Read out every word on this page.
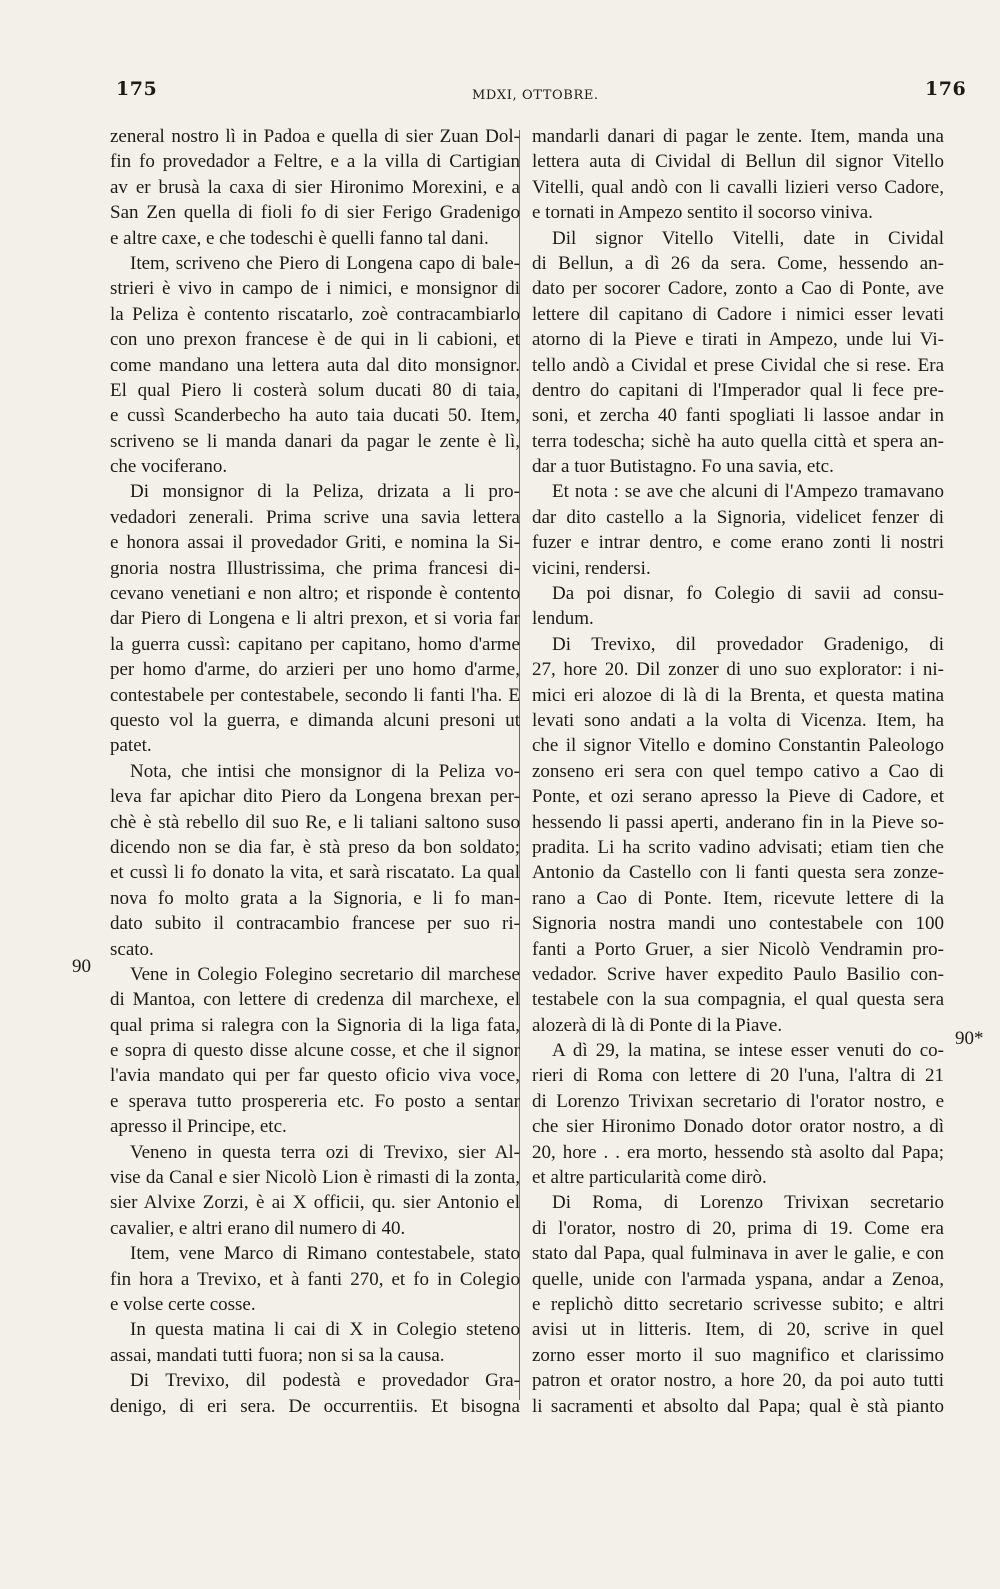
175	MDXI, OTTOBRE.	176
90
90*
zeneral nostro lì in Padoa e quella di sier Zuan Dol-
fin fo provedador a Feltre, e a la villa di Cartigian
av er brusà la caxa di sier Hironimo Morexini, e a
San Zen quella di fioli fo di sier Ferigo Gradenigo
e altre caxe, e che todeschi è quelli fanno tal dani.
Item, scriveno che Piero di Longena capo di bale-
strieri è vivo in campo de i nimici, e monsignor di
la Peliza è contento riscatarlo, zoè contracambiarlo
con uno prexon francese è de qui in li cabioni, et
come mandano una lettera auta dal dito monsignor.
El qual Piero li costerà solum ducati 80 di taia,
e cussì Scanderbecho ha auto taia ducati 50. Item,
scriveno se li manda danari da pagar le zente è lì,
che vociferano.
Di monsignor di la Peliza, drizata a li pro-
vedadori zenerali. Prima scrive una savia lettera
e honora assai il provedador Griti, e nomina la Si-
gnoria nostra Illustrissima, che prima francesi di-
cevano venetiani e non altro; et risponde è contento
dar Piero di Longena e li altri prexon, et si voria far
la guerra cussì: capitano per capitano, homo d'arme
per homo d'arme, do arzieri per uno homo d'arme,
contestabele per contestabele, secondo li fanti l'ha. E
questo vol la guerra, e dimanda alcuni presoni ut
patet.
Nota, che intisi che monsignor di la Peliza vo-
leva far apichar dito Piero da Longena brexan per-
chè è stà rebello dil suo Re, e li taliani saltono suso
dicendo non se dia far, è stà preso da bon soldato;
et cussì li fo donato la vita, et sarà riscatato. La qual
nova fo molto grata a la Signoria, e li fo man-
dato subito il contracambio francese per suo ri-
scato.
Vene in Colegio Folegino secretario dil marchese
di Mantoa, con lettere di credenza dil marchexe, el
qual prima si ralegra con la Signoria di la liga fata,
e sopra di questo disse alcune cosse, et che il signor
l'avia mandato qui per far questo oficio viva voce,
e sperava tutto prospereria etc. Fo posto a sentar
apresso il Principe, etc.
Veneno in questa terra ozi di Trevixo, sier Al-
vise da Canal e sier Nicolò Lion è rimasti di la zonta,
sier Alvixe Zorzi, è ai X officii, qu. sier Antonio el
cavalier, e altri erano dil numero di 40.
Item, vene Marco di Rimano contestabele, stato
fin hora a Trevixo, et à fanti 270, et fo in Colegio
e volse certe cosse.
In questa matina li cai di X in Colegio steteno
assai, mandati tutti fuora; non si sa la causa.
Di Trevixo, dil podestà e provedador Gra-
denigo, di eri sera. De occurrentiis. Et bisogna
mandarli danari di pagar le zente. Item, manda una
lettera auta di Cividal di Bellun dil signor Vitello
Vitelli, qual andò con li cavalli lizieri verso Cadore,
e tornati in Ampezo sentito il socorso viniva.
Dil signor Vitello Vitelli, date in Cividal
di Bellun, a dì 26 da sera. Come, hessendo an-
dato per socorer Cadore, zonto a Cao di Ponte, ave
lettere dil capitano di Cadore i nimici esser levati
atorno di la Pieve e tirati in Ampezo, unde lui Vi-
tello andò a Cividal et prese Cividal che si rese. Era
dentro do capitani di l'Imperador qual li fece pre-
soni, et zercha 40 fanti spogliati li lassoe andar in
terra todescha; sichè ha auto quella città et spera an-
dar a tuor Butistagno. Fo una savia, etc.
Et nota : se ave che alcuni di l'Ampezo tramavano
dar dito castello a la Signoria, videlicet fenzer di
fuzer e intrar dentro, e come erano zonti li nostri
vicini, rendersi.
Da poi disnar, fo Colegio di savii ad consu-
lendum.
Di Trevixo, dil provedador Gradenigo, di
27, hore 20. Dil zonzer di uno suo explorator: i ni-
mici eri alozoe di là di la Brenta, et questa matina
levati sono andati a la volta di Vicenza. Item, ha
che il signor Vitello e domino Constantin Paleologo
zonseno eri sera con quel tempo cativo a Cao di
Ponte, et ozi serano apresso la Pieve di Cadore, et
hessendo li passi aperti, anderano fin in la Pieve so-
pradita. Li ha scrito vadino advisati; etiam tien che
Antonio da Castello con li fanti questa sera zonze-
rano a Cao di Ponte. Item, ricevute lettere di la
Signoria nostra mandi uno contestabele con 100
fanti a Porto Gruer, a sier Nicolò Vendramin pro-
vedador. Scrive haver expedito Paulo Basilio con-
testabele con la sua compagnia, el qual questa sera
alozerà di là di Ponte di la Piave.
A dì 29, la matina, se intese esser venuti do co-
rieri di Roma con lettere di 20 l'una, l'altra di 21
di Lorenzo Trivixan secretario di l'orator nostro, e
che sier Hironimo Donado dotor orator nostro, a dì
20, hore . . era morto, hessendo stà asolto dal Papa;
et altre particularità come dirò.
Di Roma, di Lorenzo Trivixan secretario
di l'orator, nostro di 20, prima di 19. Come era
stato dal Papa, qual fulminava in aver le galie, e con
quelle, unide con l'armada yspana, andar a Zenoa,
e replichò ditto secretario scrivesse subito; e altri
avisi ut in litteris. Item, di 20, scrive in quel
zorno esser morto il suo magnifico et clarissimo
patron et orator nostro, a hore 20, da poi auto tutti
li sacramenti et absolto dal Papa; qual è stà pianto
